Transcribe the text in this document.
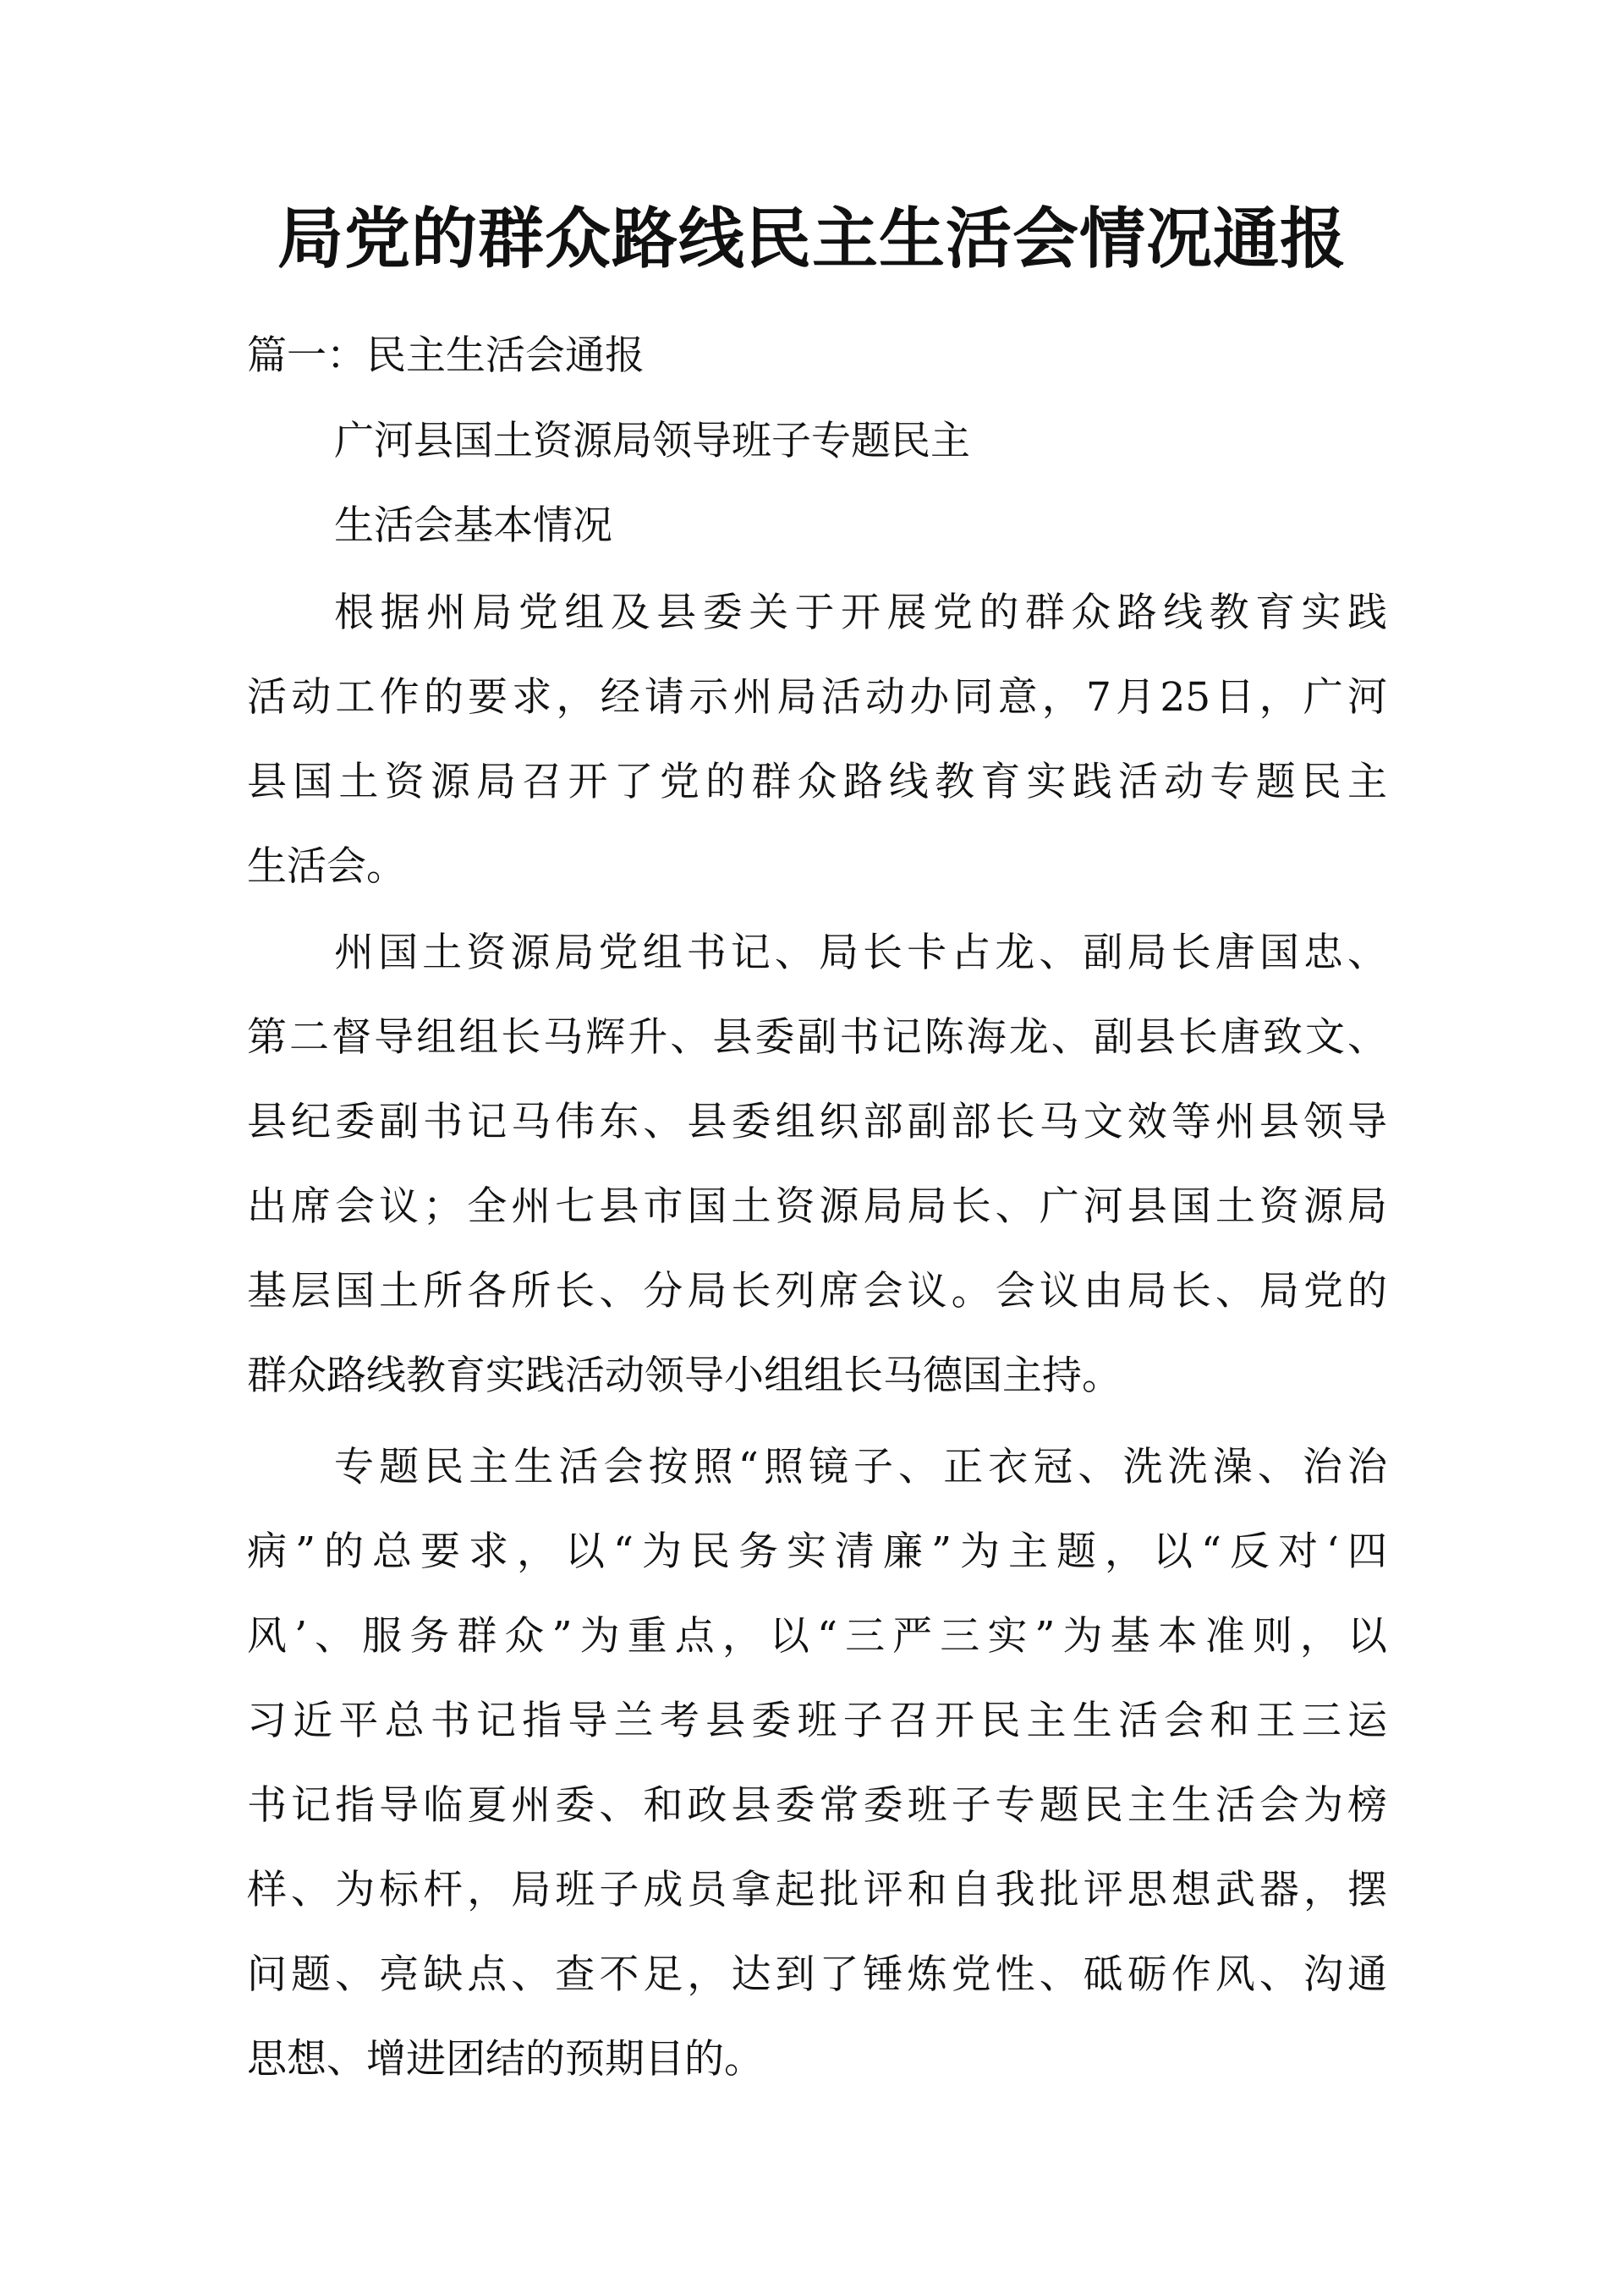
局党的群众路线民主生活会情况通报
篇一：民主生活会通报
广河县国土资源局领导班子专题民主
生活会基本情况
根据州局党组及县委关于开展党的群众路线教育实践
活动工作的要求，经请示州局活动办同意，7月25日，广河
县国土资源局召开了党的群众路线教育实践活动专题民主
生活会。
州国土资源局党组书记、局长卡占龙、副局长唐国忠、
第二督导组组长马辉升、县委副书记陈海龙、副县长唐致文、
县纪委副书记马伟东、县委组织部副部长马文效等州县领导
出席会议；全州七县市国土资源局局长、广河县国土资源局
基层国土所各所长、分局长列席会议。会议由局长、局党的
群众路线教育实践活动领导小组组长马德国主持。
专题民主生活会按照“照镜子、正衣冠、洗洗澡、治治
病”的总要求，以“为民务实清廉”为主题，以“反对‘四
风’、服务群众”为重点，以“三严三实”为基本准则，以
习近平总书记指导兰考县委班子召开民主生活会和王三运
书记指导临夏州委、和政县委常委班子专题民主生活会为榜
样、为标杆，局班子成员拿起批评和自我批评思想武器，摆
问题、亮缺点、查不足，达到了锤炼党性、砥砺作风、沟通
思想、增进团结的预期目的。
